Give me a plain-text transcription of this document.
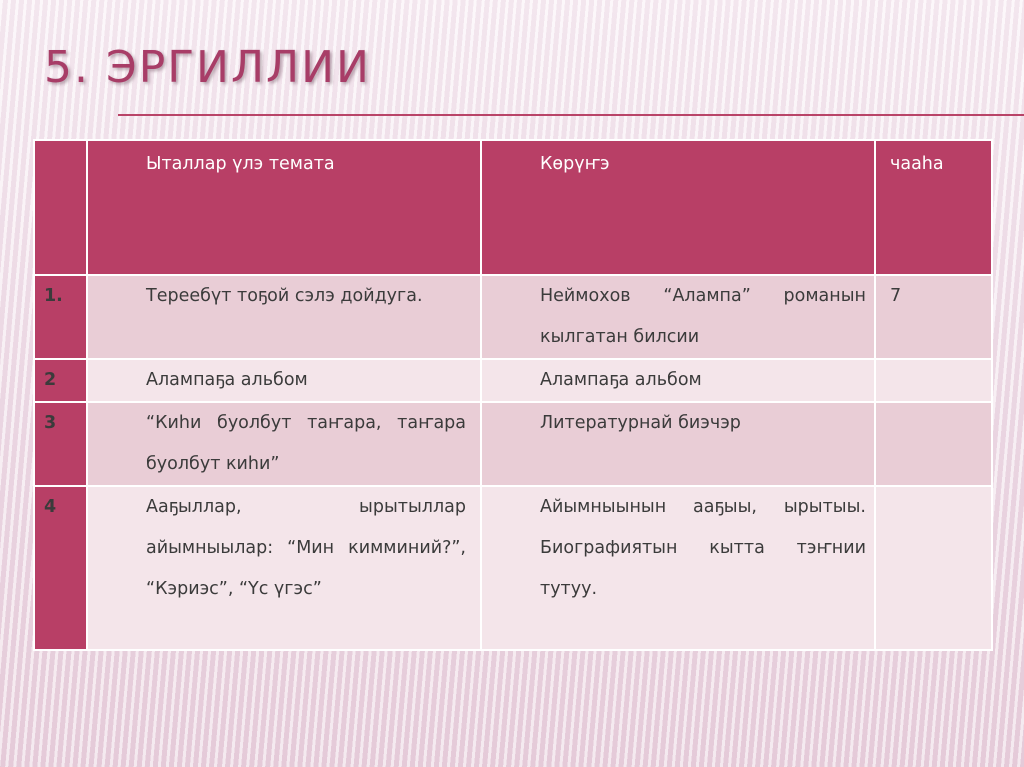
5. ЭРГИЛЛИИ
	Ыталлар үлэ темата	Көрүҥэ	чааһа
1.	Тереебүт тоҕой сэлэ дойдуга.	Неймохов “Алампа” романын кылгатан билсии	7
2	Алампаҕа альбом	Алампаҕа альбом	
3	“Киһи буолбут таҥара, таҥара буолбут киһи”	Литературнай биэчэр	
4	Ааҕыллар, ырытыллар айымныылар: “Мин кимминий?”, “Кэриэс”, “Үс үгэс”	Айымныынын ааҕыы, ырытыы. Биографиятын кытта тэҥнии тутуу.	
